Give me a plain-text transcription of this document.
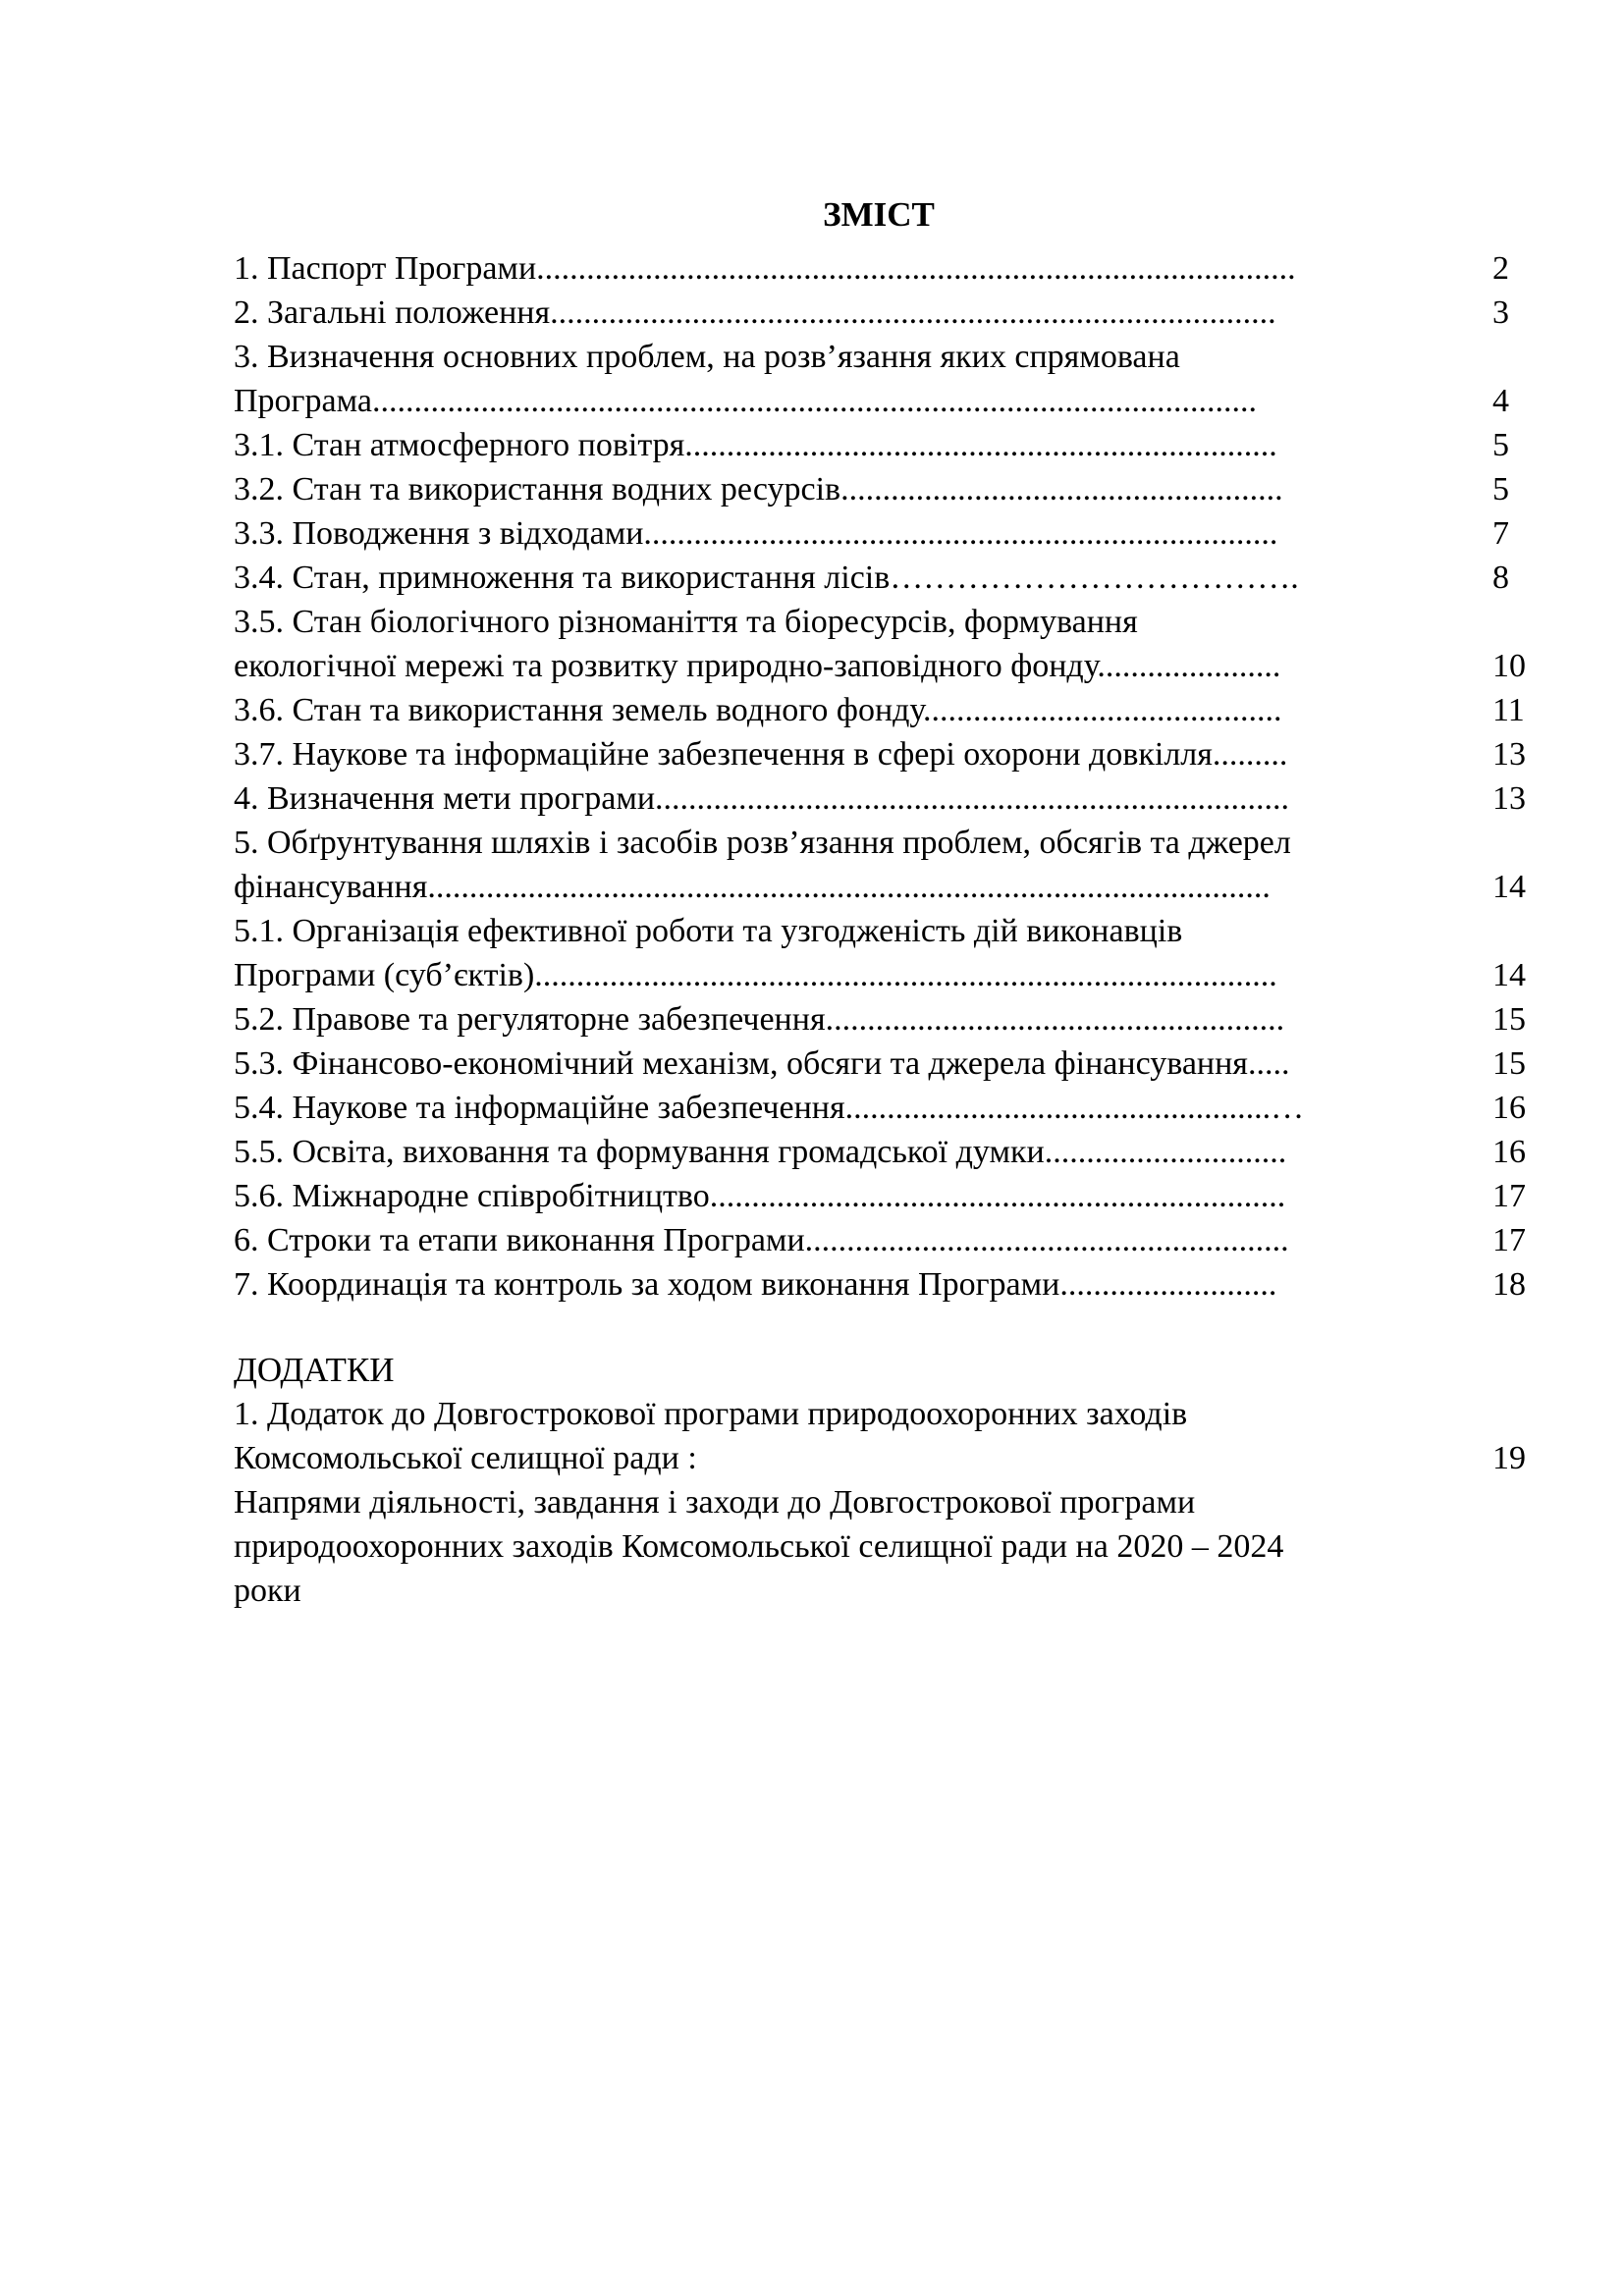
ЗМІСТ
1. Паспорт Програми...........................................................................................	2
2. Загальні положення.......................................................................................	3
3. Визначення основних проблем, на розв’язання яких спрямована
Програма..........................................................................................................	4
3.1. Стан атмосферного повітря.......................................................................	5
3.2. Стан та використання водних ресурсів.....................................................	5
3.3. Поводження з відходами............................................................................	7
3.4. Стан, примноження та використання лісів……………………………….	8
3.5. Стан біологічного різноманіття та біоресурсів, формування
екологічної мережі та розвитку природно-заповідного фонду......................	10
3.6. Стан та використання земель водного фонду...........................................	11
3.7. Наукове та інформаційне забезпечення в сфері охорони довкілля.........	13
4. Визначення мети програми............................................................................	13
5. Обґрунтування шляхів і засобів розв’язання проблем, обсягів та джерел
фінансування.....................................................................................................	14
5.1. Організація ефективної роботи та узгодженість дій виконавців
Програми (суб’єктів).........................................................................................	14
5.2. Правове та регуляторне забезпечення.......................................................	15
5.3. Фінансово-економічний механізм, обсяги та джерела фінансування.....	15
5.4. Наукове та інформаційне забезпечення...................................................…	16
5.5. Освіта, виховання та формування громадської думки.............................	16
5.6. Міжнародне співробітництво.....................................................................	17
6. Строки та етапи виконання Програми..........................................................	17
7. Координація та контроль за ходом виконання Програми..........................	18
ДОДАТКИ
1. Додаток до Довгострокової програми природоохоронних заходів
Комсомольської селищної ради :	19
Напрями діяльності, завдання і заходи до Довгострокової програми
природоохоронних заходів Комсомольської селищної ради на 2020 – 2024
роки
